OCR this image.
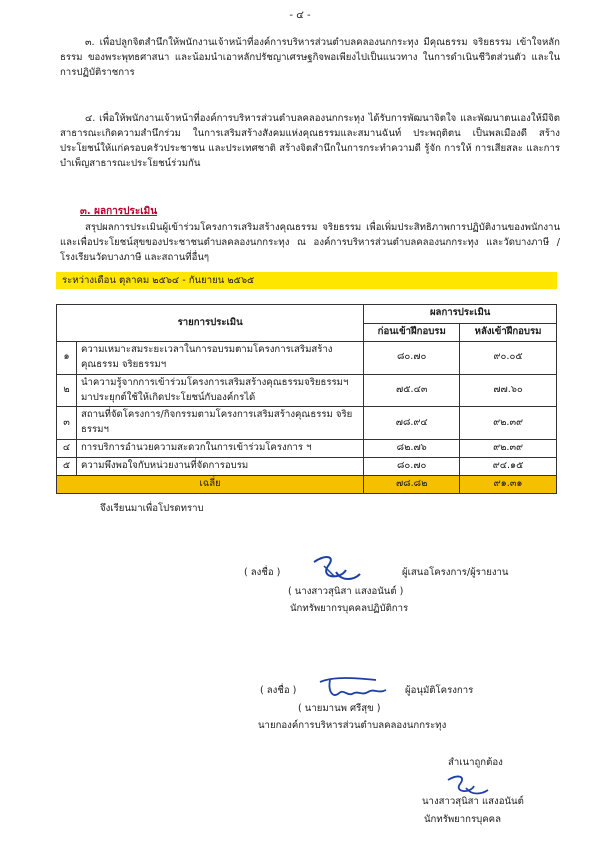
- ๔ -
๓. เพื่อปลูกจิตสำนึกให้พนักงานเจ้าหน้าที่องค์การบริหารส่วนตำบลคลองนกกระทุง มีคุณธรรม จริยธรรม เข้าใจหลักธรรม ของพระพุทธศาสนา และน้อมนำเอาหลักปรัชญาเศรษฐกิจพอเพียงไปเป็นแนวทาง ในการดำเนินชีวิตส่วนตัว และในการปฏิบัติราชการ
๔. เพื่อให้พนักงานเจ้าหน้าที่องค์การบริหารส่วนตำบลคลองนกกระทุง ได้รับการพัฒนาจิตใจ และพัฒนาตนเองให้มีจิตสาธารณะเกิดความสำนึกร่วม ในการเสริมสร้างสังคมแห่งคุณธรรมและสมานฉันท์ ประพฤติตน เป็นพลเมืองดี สร้างประโยชน์ให้แก่ครอบครัวประชาชน และประเทศชาติ สร้างจิตสำนึกในการกระทำความดี รู้จัก การให้ การเสียสละ และการบำเพ็ญสาธารณะประโยชน์ร่วมกัน
๓. ผลการประเมิน
สรุปผลการประเมินผู้เข้าร่วมโครงการเสริมสร้างคุณธรรม จริยธรรม เพื่อเพิ่มประสิทธิภาพการปฏิบัติงานของพนักงาน และเพื่อประโยชน์สุขของประชาชนตำบลคลองนกกระทุง ณ องค์การบริหารส่วนตำบลคลองนกกระทุง และวัดบางภาษี / โรงเรียนวัดบางภาษี และสถานที่อื่นๆ
ระหว่างเดือน ตุลาคม ๒๕๖๔ - กันยายน ๒๕๖๕
รายการประเมิน		ผลการประเมิน	
		ก่อนเข้าฝึกอบรม	หลังเข้าฝึกอบรม
๑	ความเหมาะสมระยะเวลาในการอบรมตามโครงการเสริมสร้างคุณธรรม จริยธรรมฯ	๘๐.๗๐	๙๐.๐๕
๒	นำความรู้จากการเข้าร่วมโครงการเสริมสร้างคุณธรรมจริยธรรมฯมาประยุกต์ใช้ให้เกิดประโยชน์กับองค์กรได้	๗๕.๔๓	๗๗.๖๐
๓	สถานที่จัดโครงการ/กิจกรรมตามโครงการเสริมสร้างคุณธรรม จริยธรรมฯ	๗๘.๙๔	๙๒.๓๙
๔	การบริการอำนวยความสะดวกในการเข้าร่วมโครงการ ฯ	๘๒.๗๖	๙๒.๓๙
๕	ความพึงพอใจกับหน่วยงานที่จัดการอบรม	๘๐.๗๐	๙๔.๑๕
เฉลี่ย		๗๘.๘๒	๙๑.๓๑
จึงเรียนมาเพื่อโปรดทราบ
( ลงชื่อ )	ผู้เสนอโครงการ/ผู้รายงาน
( นางสาวสุนิสา แสงอนันต์ )
นักทรัพยากรบุคคลปฏิบัติการ
( ลงชื่อ )	ผู้อนุมัติโครงการ
( นายมานพ ศรีสุข )
นายกองค์การบริหารส่วนตำบลคลองนกกระทุง
สำเนาถูกต้อง
นางสาวสุนิสา แสงอนันต์
นักทรัพยากรบุคคล
